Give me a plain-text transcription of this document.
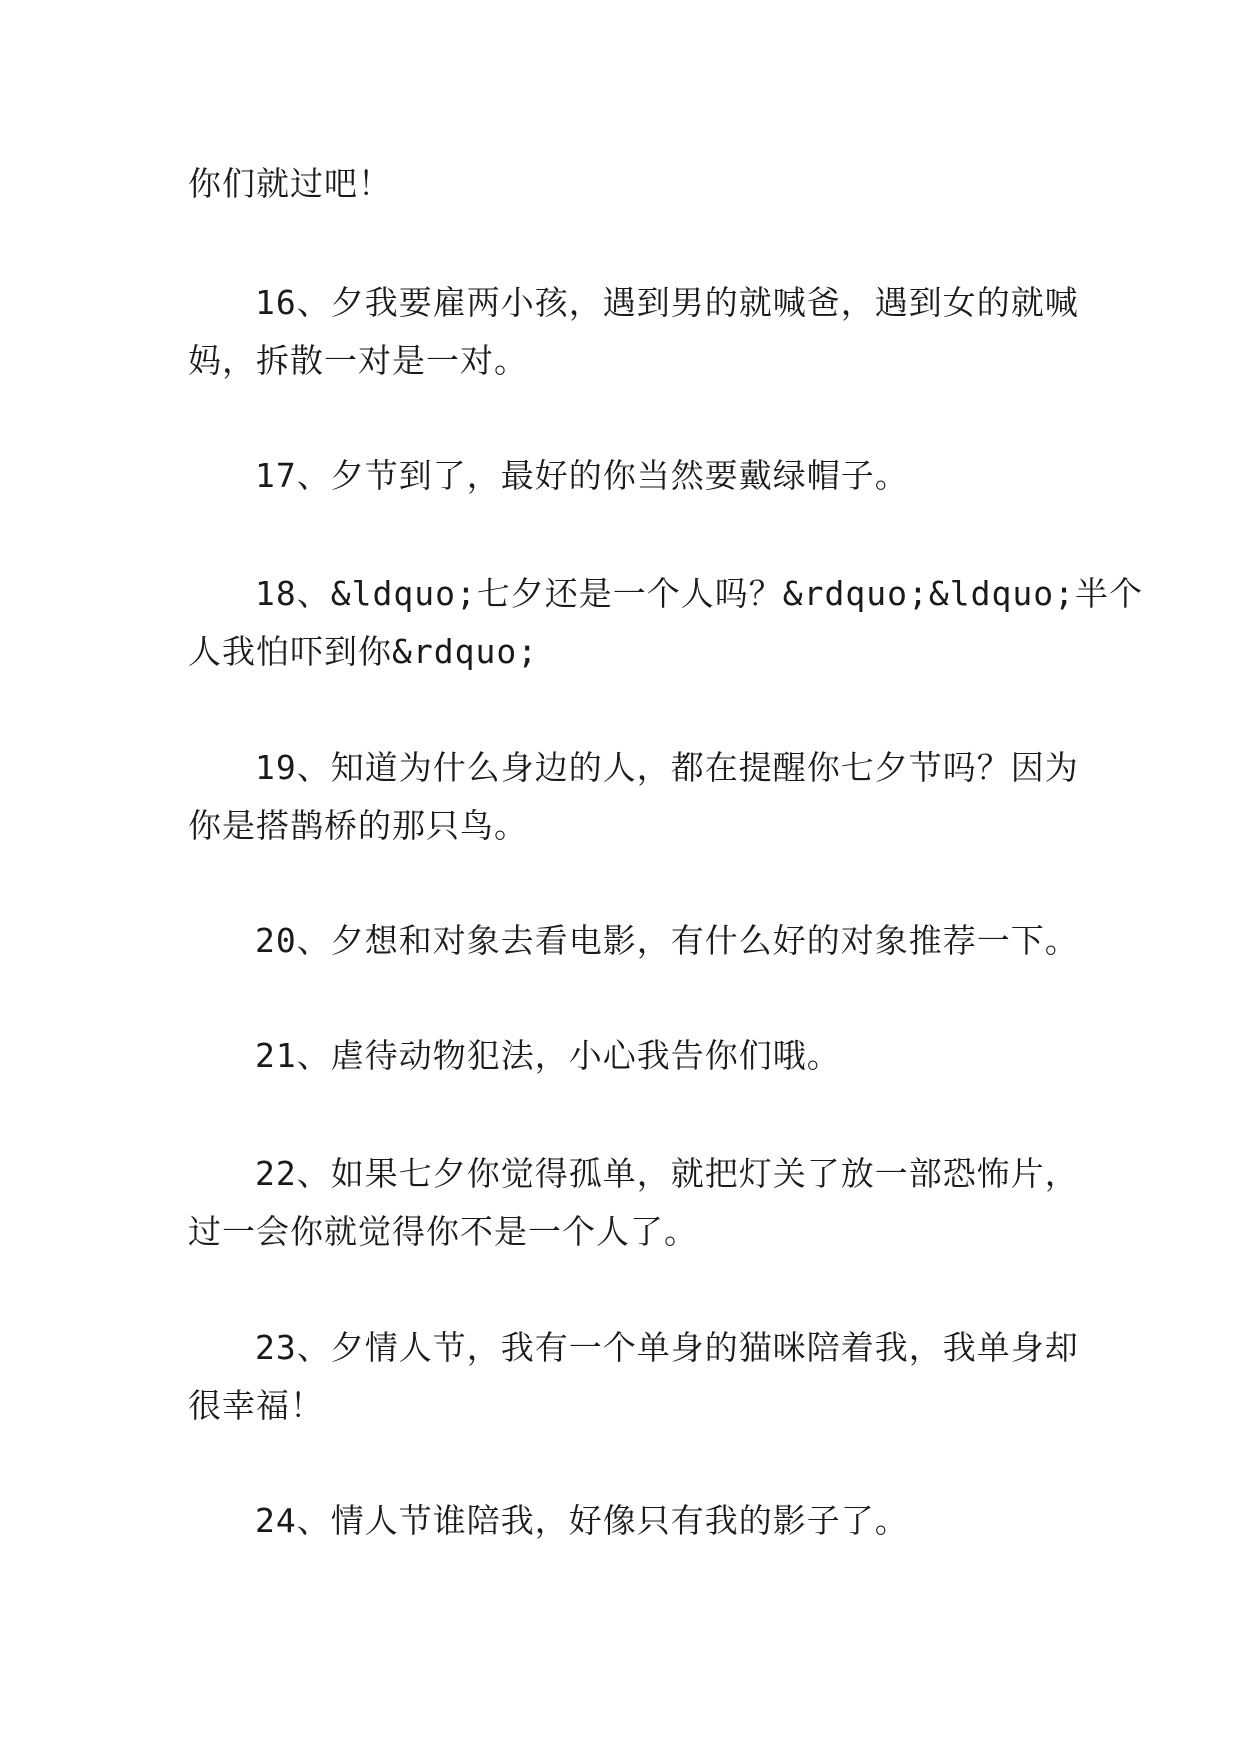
你们就过吧！

16、夕我要雇两小孩，遇到男的就喊爸，遇到女的就喊

妈，拆散一对是一对。

17、夕节到了，最好的你当然要戴绿帽子。

18、&ldquo;七夕还是一个人吗？&rdquo;&ldquo;半个

人我怕吓到你&rdquo;

19、知道为什么身边的人，都在提醒你七夕节吗？因为

你是搭鹊桥的那只鸟。

20、夕想和对象去看电影，有什么好的对象推荐一下。

21、虐待动物犯法，小心我告你们哦。

22、如果七夕你觉得孤单，就把灯关了放一部恐怖片，

过一会你就觉得你不是一个人了。

23、夕情人节，我有一个单身的猫咪陪着我，我单身却

很幸福！

24、情人节谁陪我，好像只有我的影子了。
